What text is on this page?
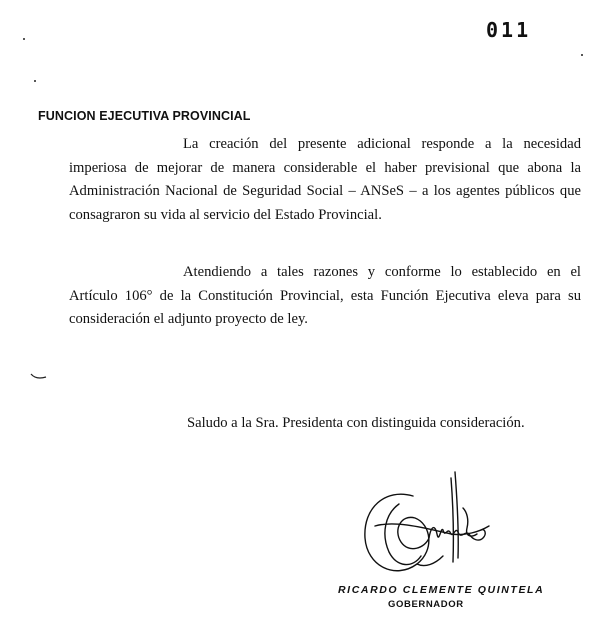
011
FUNCION EJECUTIVA PROVINCIAL
La creación del presente adicional responde a la necesidad
imperiosa de mejorar de manera considerable el haber previsional que abona la
Administración Nacional de Seguridad Social – ANSeS – a los agentes públicos que
consagraron su vida al servicio del Estado Provincial.
Atendiendo a tales razones y conforme lo establecido en el
Artículo 106° de la Constitución Provincial, esta Función Ejecutiva eleva para su
consideración el adjunto proyecto de ley.
Saludo a la Sra. Presidenta con distinguida consideración.
RICARDO CLEMENTE QUINTELA
GOBERNADOR
